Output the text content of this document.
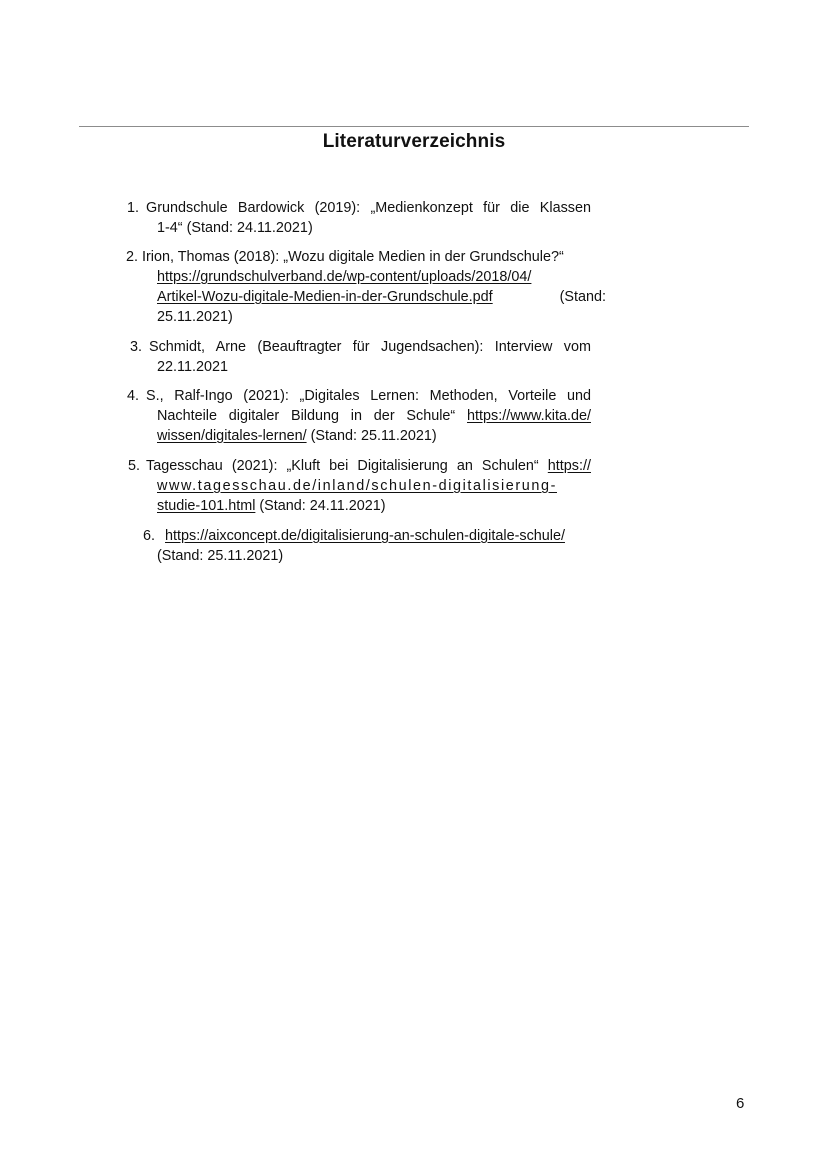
Literaturverzeichnis
1. Grundschule Bardowick (2019): „Medienkonzept für die Klassen
1-4“ (Stand: 24.11.2021)
2. Irion, Thomas (2018): „Wozu digitale Medien in der Grundschule?“
https://grundschulverband.de/wp-content/uploads/2018/04/
Artikel-Wozu-digitale-Medien-in-der-Grundschule.pdf	(Stand:
25.11.2021)
3. Schmidt, Arne (Beauftragter für Jugendsachen): Interview vom
22.11.2021
4. S., Ralf-Ingo (2021): „Digitales Lernen: Methoden, Vorteile und
Nachteile digitaler Bildung in der Schule“ https://www.kita.de/
wissen/digitales-lernen/ (Stand: 25.11.2021)
5. Tagesschau (2021): „Kluft bei Digitalisierung an Schulen“ https://
www.tagesschau.de/inland/schulen-digitalisierung-
studie-101.html (Stand: 24.11.2021)
6. https://aixconcept.de/digitalisierung-an-schulen-digitale-schule/
(Stand: 25.11.2021)
6
